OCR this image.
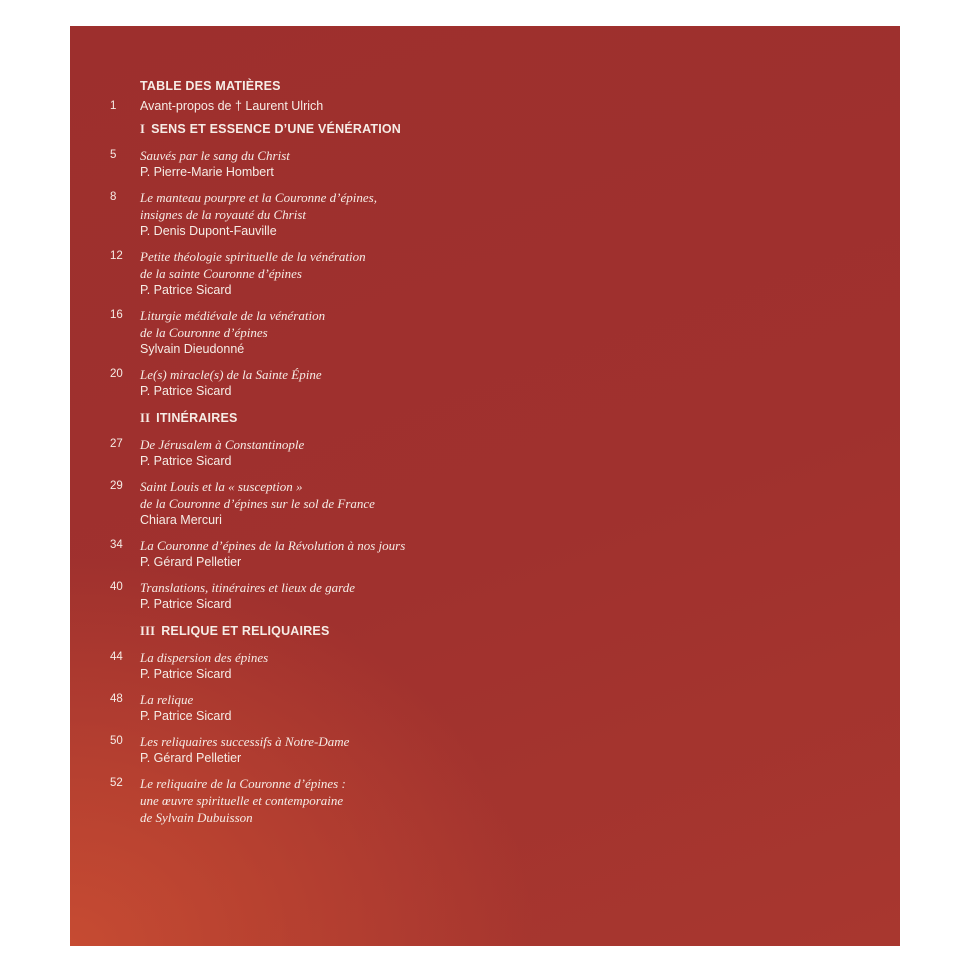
TABLE DES MATIÈRES
1	Avant-propos de † Laurent Ulrich
I SENS ET ESSENCE D’UNE VÉNÉRATION
5	Sauvés par le sang du Christ
P. Pierre-Marie Hombert
8	Le manteau pourpre et la Couronne d’épines,
insignes de la royauté du Christ
P. Denis Dupont-Fauville
12	Petite théologie spirituelle de la vénération
de la sainte Couronne d’épines
P. Patrice Sicard
16	Liturgie médiévale de la vénération
de la Couronne d’épines
Sylvain Dieudonné
20	Le(s) miracle(s) de la Sainte Épine
P. Patrice Sicard
II ITINÉRAIRES
27	De Jérusalem à Constantinople
P. Patrice Sicard
29	Saint Louis et la « susception »
de la Couronne d’épines sur le sol de France
Chiara Mercuri
34	La Couronne d’épines de la Révolution à nos jours
P. Gérard Pelletier
40	Translations, itinéraires et lieux de garde
P. Patrice Sicard
III RELIQUE ET RELIQUAIRES
44	La dispersion des épines
P. Patrice Sicard
48	La relique
P. Patrice Sicard
50	Les reliquaires successifs à Notre-Dame
P. Gérard Pelletier
52	Le reliquaire de la Couronne d’épines :
une œuvre spirituelle et contemporaine
de Sylvain Dubuisson
